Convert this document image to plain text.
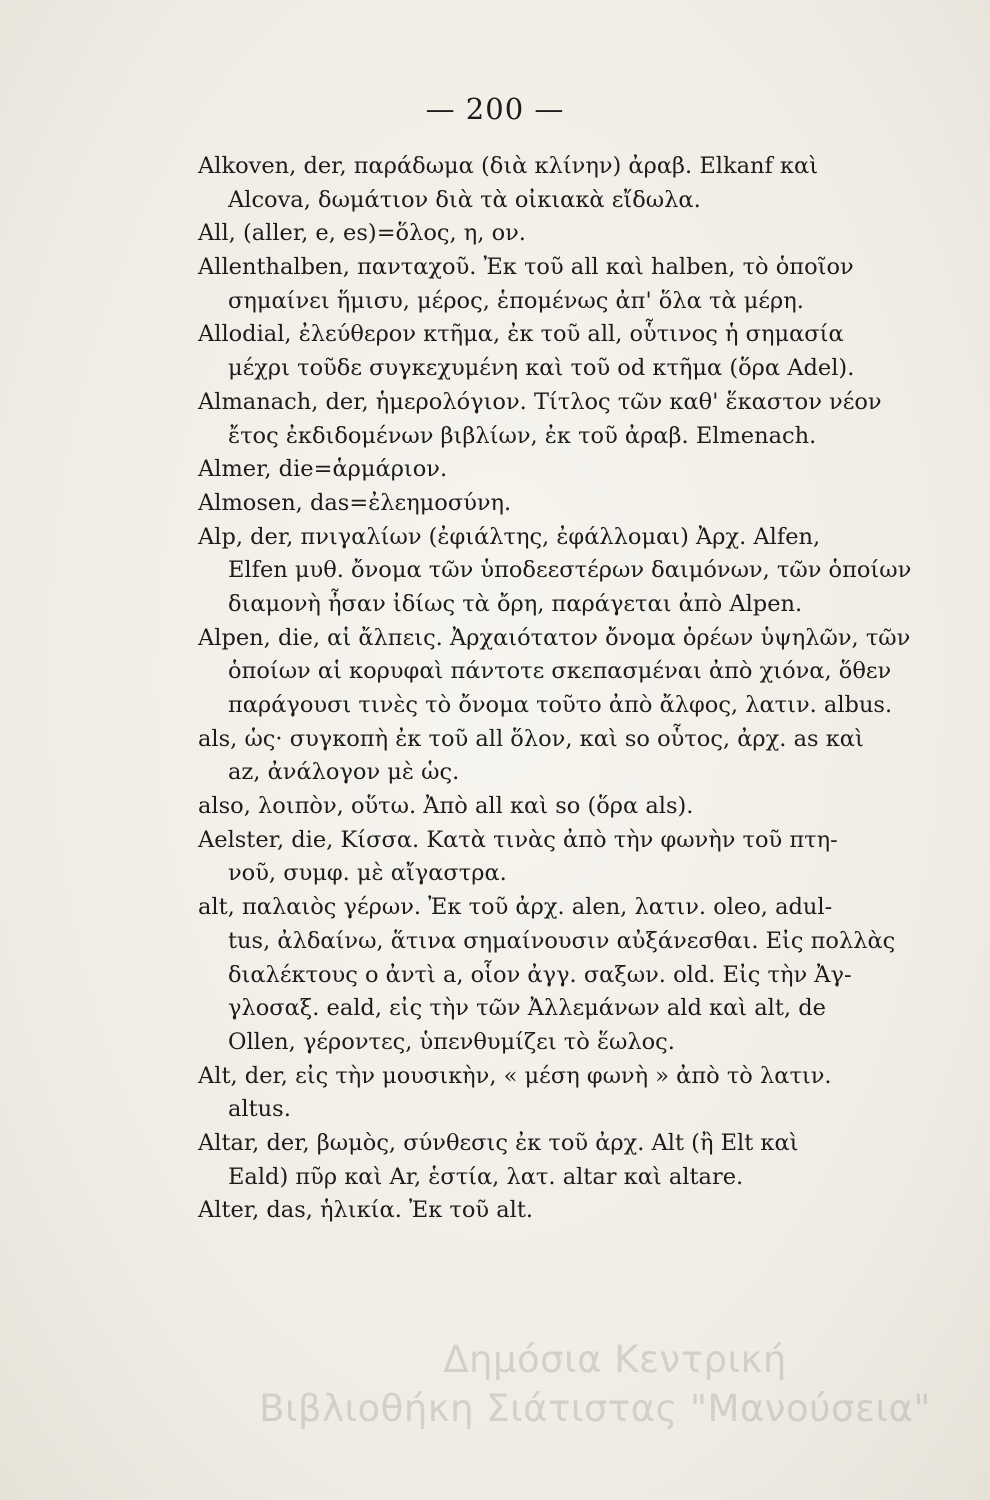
— 200 —
Alkoven, der, παράδωμα (διὰ κλίνην) ἀραβ. Elkanf καὶ
Alcova, δωμάτιον διὰ τὰ οἰκιακὰ εἴδωλα.
All, (aller, e, es)=ὅλος, η, ον.
Allenthalben, πανταχοῦ. Ἐκ τοῦ all καὶ halben, τὸ ὁποῖον
σημαίνει ἥμισυ, μέρος, ἑπομένως ἀπ' ὅλα τὰ μέρη.
Allodial, ἐλεύθερον κτῆμα, ἐκ τοῦ all, οὗτινος ἡ σημασία
μέχρι τοῦδε συγκεχυμένη καὶ τοῦ od κτῆμα (ὅρα Adel).
Almanach, der, ἡμερολόγιον. Τίτλος τῶν καθ' ἕκαστον νέον
ἔτος ἐκδιδομένων βιβλίων, ἐκ τοῦ ἀραβ. Elmenach.
Almer, die=ἁρμάριον.
Almosen, das=ἐλεημοσύνη.
Alp, der, πνιγαλίων (ἐφιάλτης, ἐφάλλομαι) Ἀρχ. Alfen,
Elfen μυθ. ὄνομα τῶν ὑποδεεστέρων δαιμόνων, τῶν ὁποίων
διαμονὴ ἦσαν ἰδίως τὰ ὄρη, παράγεται ἀπὸ Alpen.
Alpen, die, αἱ ἄλπεις. Ἀρχαιότατον ὄνομα ὀρέων ὑψηλῶν, τῶν
ὁποίων αἱ κορυφαὶ πάντοτε σκεπασμέναι ἀπὸ χιόνα, ὅθεν
παράγουσι τινὲς τὸ ὄνομα τοῦτο ἀπὸ ἄλφος, λατιν. albus.
als, ὡς· συγκοπὴ ἐκ τοῦ all ὅλον, καὶ so οὗτος, ἀρχ. as καὶ
az, ἀνάλογον μὲ ὡς.
also, λοιπὸν, οὕτω. Ἀπὸ all καὶ so (ὅρα als).
Aelster, die, Κίσσα. Κατὰ τινὰς ἀπὸ τὴν φωνὴν τοῦ πτη-
νοῦ, συμφ. μὲ αἴγαστρα.
alt, παλαιὸς γέρων. Ἐκ τοῦ ἀρχ. alen, λατιν. oleo, adul-
tus, ἀλδαίνω, ἅτινα σημαίνουσιν αὐξάνεσθαι. Εἰς πολλὰς
διαλέκτους o ἀντὶ a, οἷον ἀγγ. σαξων. old. Εἰς τὴν Ἀγ-
γλοσαξ. eald, εἰς τὴν τῶν Ἀλλεμάνων ald καὶ alt, de
Ollen, γέροντες, ὑπενθυμίζει τὸ ἕωλος.
Alt, der, εἰς τὴν μουσικὴν, « μέση φωνὴ » ἀπὸ τὸ λατιν.
altus.
Altar, der, βωμὸς, σύνθεσις ἐκ τοῦ ἀρχ. Alt (ἢ Elt καὶ
Eald) πῦρ καὶ Ar, ἑστία, λατ. altar καὶ altare.
Alter, das, ἡλικία. Ἐκ τοῦ alt.
Δημόσια Κεντρική
Βιβλιοθήκη Σιάτιστας "Μανούσεια"
